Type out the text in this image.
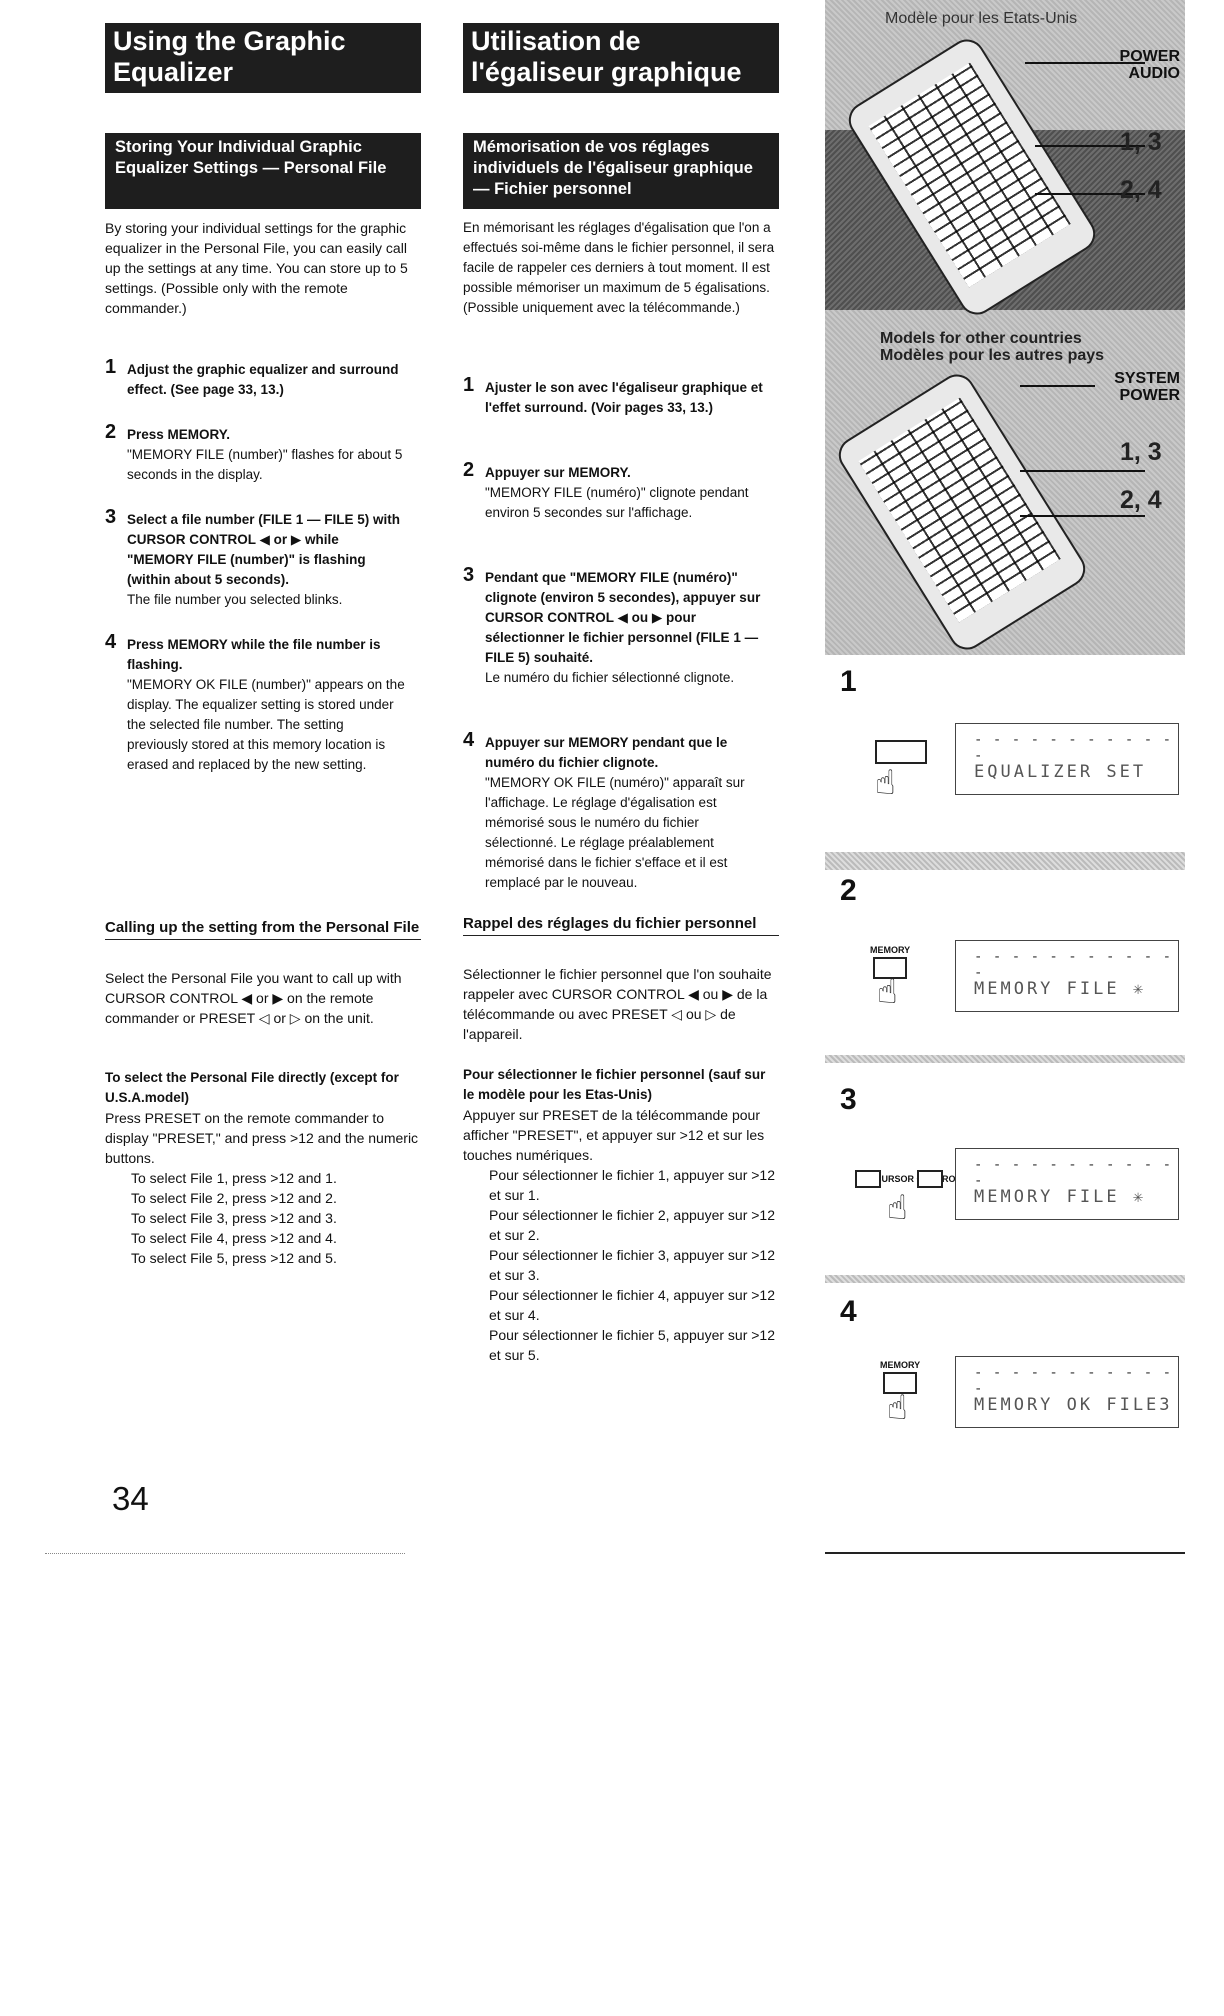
Using the Graphic Equalizer
Storing Your Individual Graphic Equalizer Settings — Personal File
By storing your individual settings for the graphic equalizer in the Personal File, you can easily call up the settings at any time. You can store up to 5 settings. (Possible only with the remote commander.)
1 Adjust the graphic equalizer and surround effect. (See page 33, 13.)
2 Press MEMORY.
"MEMORY FILE (number)" flashes for about 5 seconds in the display.
3 Select a file number (FILE 1 — FILE 5) with CURSOR CONTROL ◀ or ▶ while "MEMORY FILE (number)" is flashing (within about 5 seconds).
The file number you selected blinks.
4 Press MEMORY while the file number is flashing.
"MEMORY OK FILE (number)" appears on the display. The equalizer setting is stored under the selected file number. The setting previously stored at this memory location is erased and replaced by the new setting.
Calling up the setting from the Personal File
Select the Personal File you want to call up with CURSOR CONTROL ◀ or ▶ on the remote commander or PRESET ◁ or ▷ on the unit.
To select the Personal File directly (except for U.S.A.model)
Press PRESET on the remote commander to display "PRESET," and press >12 and the numeric buttons.
To select File 1, press >12 and 1.
To select File 2, press >12 and 2.
To select File 3, press >12 and 3.
To select File 4, press >12 and 4.
To select File 5, press >12 and 5.
Utilisation de l'égaliseur graphique
Mémorisation de vos réglages individuels de l'égaliseur graphique — Fichier personnel
En mémorisant les réglages d'égalisation que l'on a effectués soi-même dans le fichier personnel, il sera facile de rappeler ces derniers à tout moment. Il est possible mémoriser un maximum de 5 égalisations. (Possible uniquement avec la télécommande.)
1 Ajuster le son avec l'égaliseur graphique et l'effet surround. (Voir pages 33, 13.)
2 Appuyer sur MEMORY.
"MEMORY FILE (numéro)" clignote pendant environ 5 secondes sur l'affichage.
3 Pendant que "MEMORY FILE (numéro)" clignote (environ 5 secondes), appuyer sur CURSOR CONTROL ◀ ou ▶ pour sélectionner le fichier personnel (FILE 1 — FILE 5) souhaité.
Le numéro du fichier sélectionné clignote.
4 Appuyer sur MEMORY pendant que le numéro du fichier clignote.
"MEMORY OK FILE (numéro)" apparaît sur l'affichage. Le réglage d'égalisation est mémorisé sous le numéro du fichier sélectionné. Le réglage préalablement mémorisé dans le fichier s'efface et il est remplacé par le nouveau.
Rappel des réglages du fichier personnel
Sélectionner le fichier personnel que l'on souhaite rappeler avec CURSOR CONTROL ◀ ou ▶ de la télécommande ou avec PRESET ◁ ou ▷ de l'appareil.
Pour sélectionner le fichier personnel (sauf sur le modèle pour les Etas-Unis)
Appuyer sur PRESET de la télécommande pour afficher "PRESET", et appuyer sur >12 et sur les touches numériques.
Pour sélectionner le fichier 1, appuyer sur >12 et sur 1.
Pour sélectionner le fichier 2, appuyer sur >12 et sur 2.
Pour sélectionner le fichier 3, appuyer sur >12 et sur 3.
Pour sélectionner le fichier 4, appuyer sur >12 et sur 4.
Pour sélectionner le fichier 5, appuyer sur >12 et sur 5.
Modèle pour les Etats-Unis
POWER AUDIO
1, 3
2, 4
Models for other countries Modèles pour les autres pays
SYSTEM POWER
1, 3
2, 4
1
☝
- - - - - - - - - - - -
EQUALIZER SET
2
MEMORY
☝
- - - - - - - - - - - -
MEMORY FILE ✳
3
CURSOR
☝
- - - - - - - - - - - -
MEMORY FILE ✳
4
MEMORY
☝
- - - - - - - - - - - -
MEMORY OK FILE3
34
